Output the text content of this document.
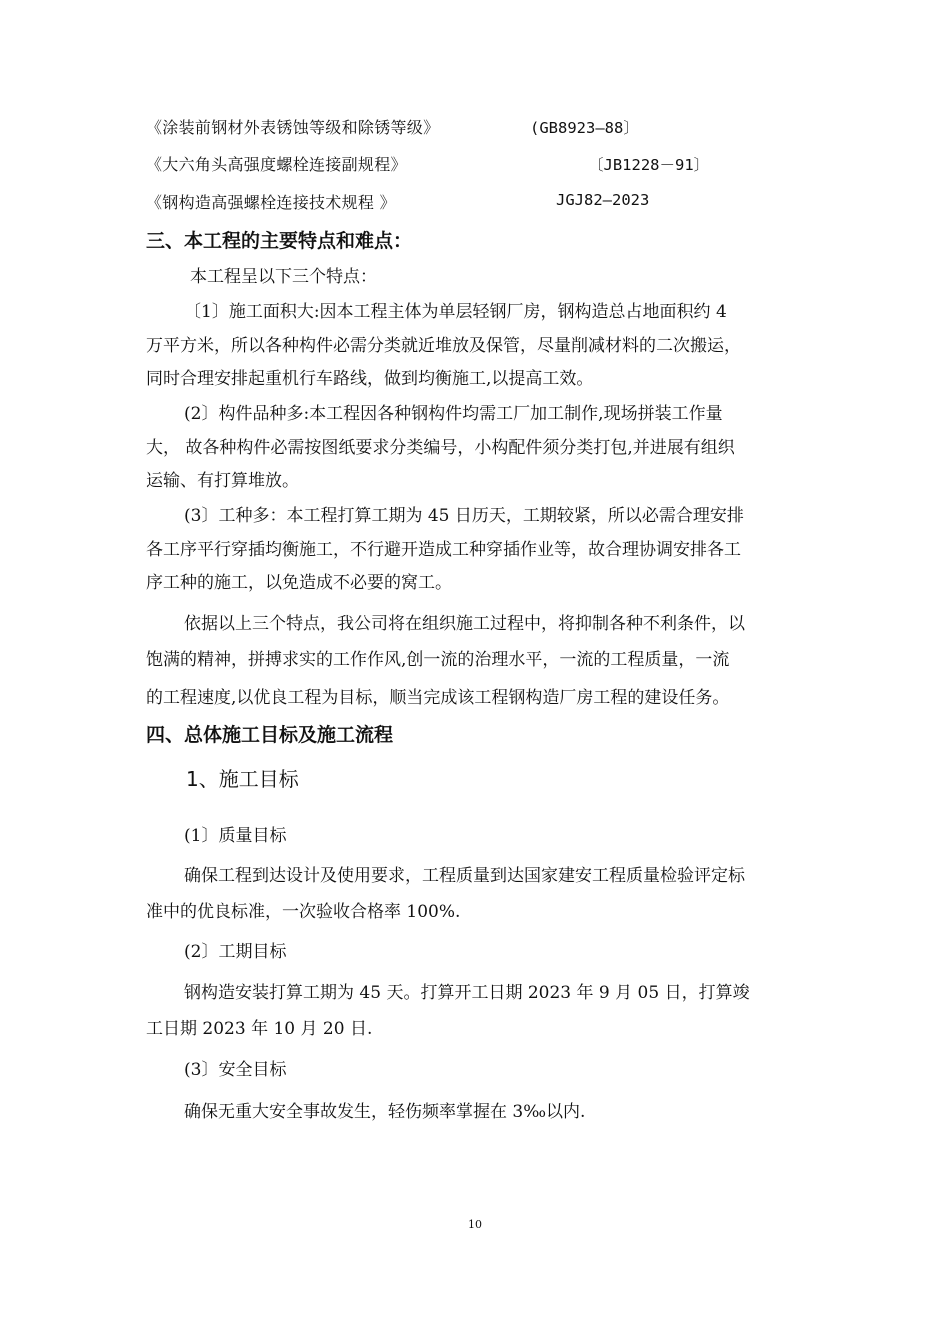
《涂装前钢材外表锈蚀等级和除锈等级》	(GB8923—88〕
《大六角头高强度螺栓连接副规程》	〔JB1228－91〕
《钢构造高强螺栓连接技术规程 》	JGJ82—2023
三、本工程的主要特点和难点：
本工程呈以下三个特点：
〔1〕施工面积大:因本工程主体为单层轻钢厂房，钢构造总占地面积约 4
万平方米，所以各种构件必需分类就近堆放及保管，尽量削减材料的二次搬运，
同时合理安排起重机行车路线，做到均衡施工,以提高工效。
(2〕构件品种多:本工程因各种钢构件均需工厂加工制作,现场拼装工作量
大， 故各种构件必需按图纸要求分类编号，小构配件须分类打包,并进展有组织
运输、有打算堆放。
(3〕工种多：本工程打算工期为 45 日历天，工期较紧，所以必需合理安排
各工序平行穿插均衡施工，不行避开造成工种穿插作业等，故合理协调安排各工
序工种的施工，以免造成不必要的窝工。
依据以上三个特点，我公司将在组织施工过程中，将抑制各种不利条件，以
饱满的精神，拼搏求实的工作作风,创一流的治理水平，一流的工程质量，一流
的工程速度,以优良工程为目标，顺当完成该工程钢构造厂房工程的建设任务。
四、总体施工目标及施工流程
1、施工目标
(1〕质量目标
确保工程到达设计及使用要求，工程质量到达国家建安工程质量检验评定标
准中的优良标准，一次验收合格率 100%.
(2〕工期目标
钢构造安装打算工期为 45 天。打算开工日期 2023 年 9 月 05 日，打算竣
工日期 2023 年 10 月 20 日.
(3〕安全目标
确保无重大安全事故发生，轻伤频率掌握在 3‰以内.
10
